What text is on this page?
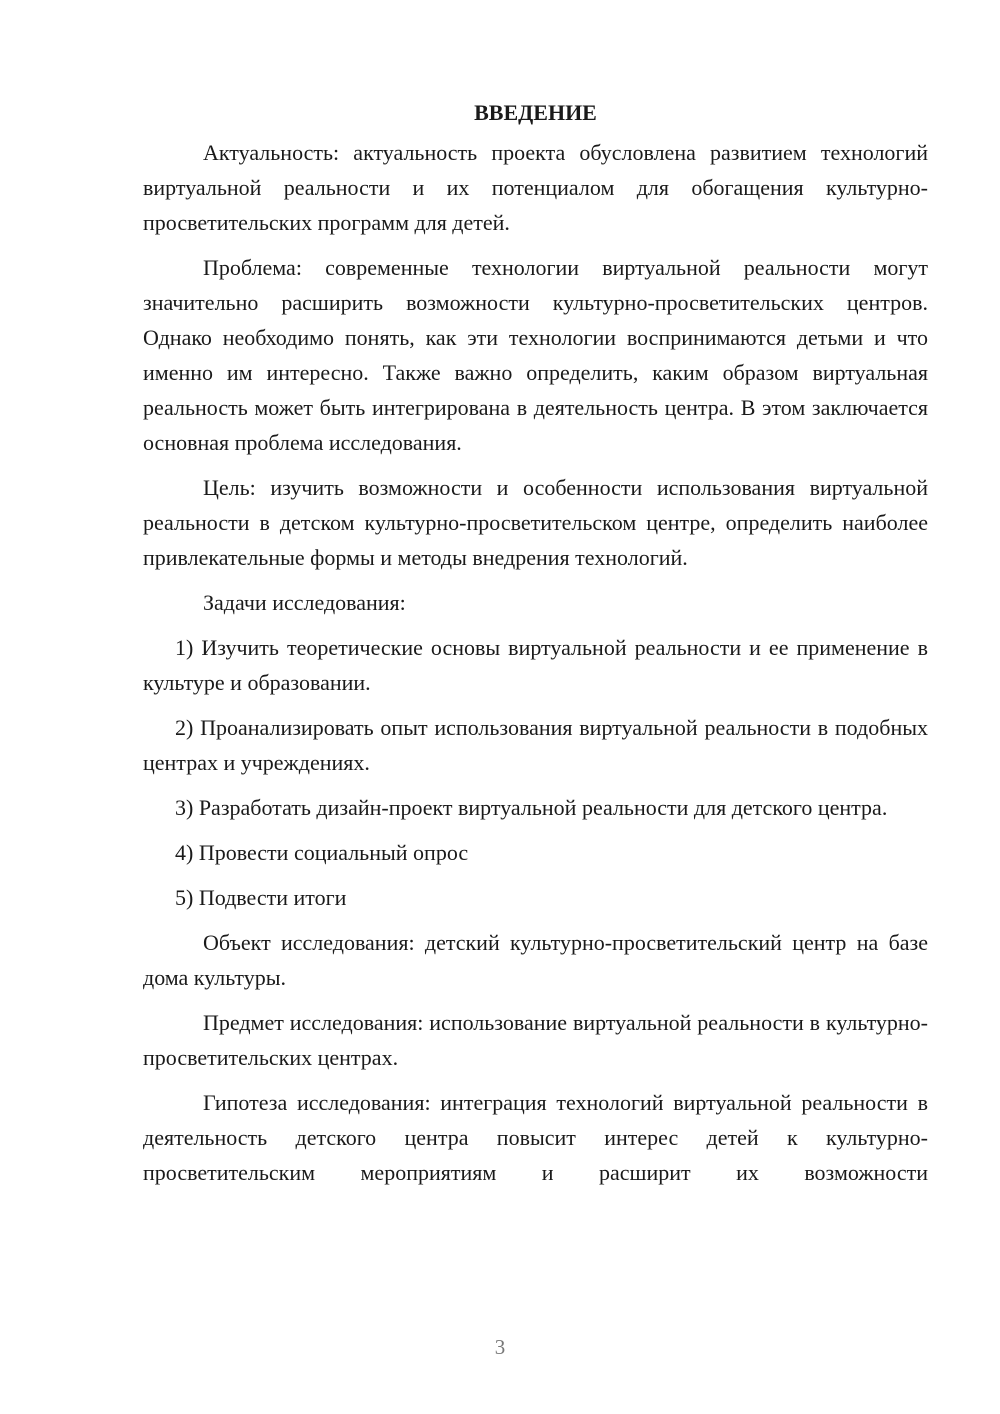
ВВЕДЕНИЕ

Актуальность: актуальность проекта обусловлена развитием технологий виртуальной реальности и их потенциалом для обогащения культурно-просветительских программ для детей.

Проблема: современные технологии виртуальной реальности могут значительно расширить возможности культурно-просветительских центров. Однако необходимо понять, как эти технологии воспринимаются детьми и что именно им интересно. Также важно определить, каким образом виртуальная реальность может быть интегрирована в деятельность центра. В этом заключается основная проблема исследования.

Цель: изучить возможности и особенности использования виртуальной реальности в детском культурно-просветительском центре, определить наиболее привлекательные формы и методы внедрения технологий.

Задачи исследования:

1) Изучить теоретические основы виртуальной реальности и ее применение в культуре и образовании.

2) Проанализировать опыт использования виртуальной реальности в подобных центрах и учреждениях.

3) Разработать дизайн-проект виртуальной реальности для детского центра.

4) Провести социальный опрос

5) Подвести итоги

Объект исследования: детский культурно-просветительский центр на базе дома культуры.

Предмет исследования: использование виртуальной реальности в культурно-просветительских центрах.

Гипотеза исследования: интеграция технологий виртуальной реальности в деятельность детского центра повысит интерес детей к культурно-просветительским мероприятиям и расширит их возможности

3
